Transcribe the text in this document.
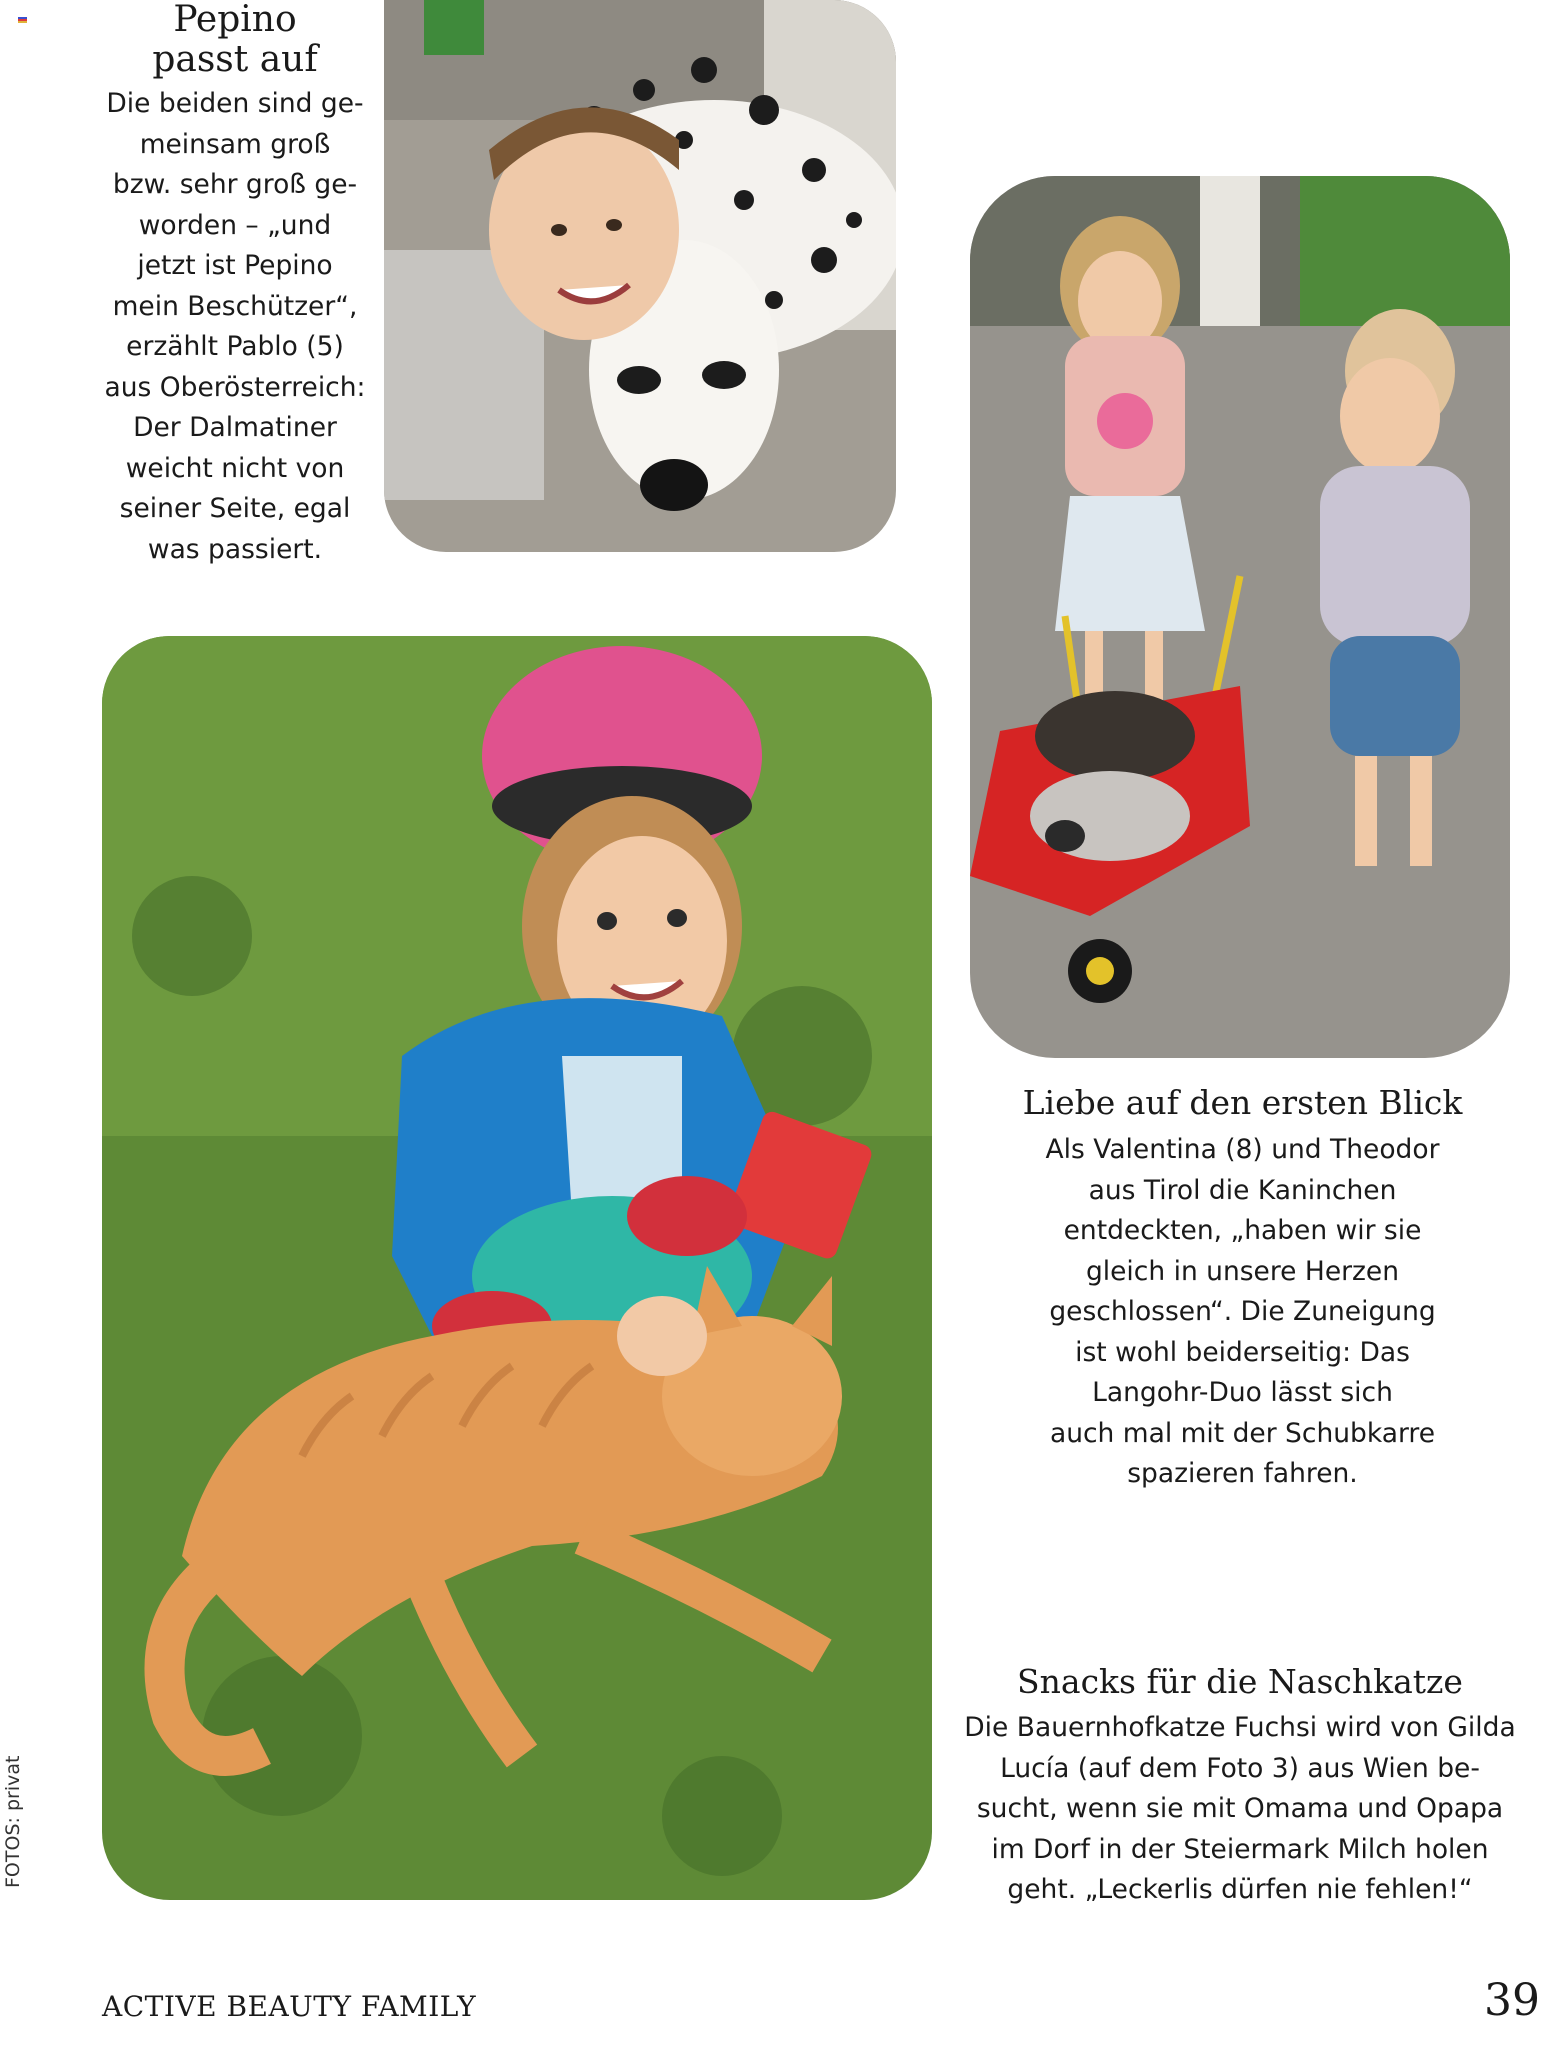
Pepino
passt auf

Die beiden sind ge-
meinsam groß
bzw. sehr groß ge-
worden – „und
jetzt ist Pepino
mein Beschützer“,
erzählt Pablo (5)
aus Oberösterreich:
Der Dalmatiner
weicht nicht von
seiner Seite, egal
was passiert.

Liebe auf den ersten Blick

Als Valentina (8) und Theodor
aus Tirol die Kaninchen
entdeckten, „haben wir sie
gleich in unsere Herzen
geschlossen“. Die Zuneigung
ist wohl beiderseitig: Das
Langohr-Duo lässt sich
auch mal mit der Schubkarre
spazieren fahren.

Snacks für die Naschkatze

Die Bauernhofkatze Fuchsi wird von Gilda
Lucía (auf dem Foto 3) aus Wien be-
sucht, wenn sie mit Omama und Opapa
im Dorf in der Steiermark Milch holen
geht. „Leckerlis dürfen nie fehlen!“

FOTOS: privat
ACTIVE BEAUTY FAMILY	39
